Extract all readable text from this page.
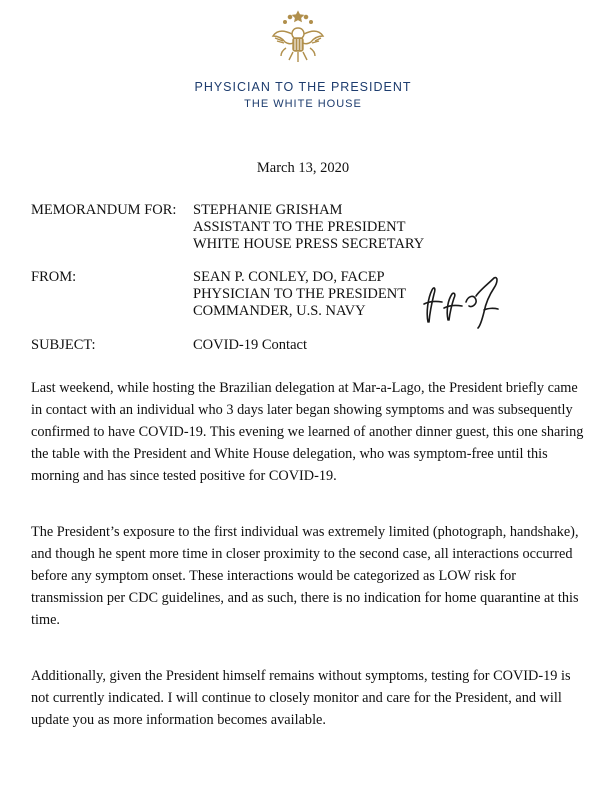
PHYSICIAN TO THE PRESIDENT
THE WHITE HOUSE
March 13, 2020
MEMORANDUM FOR: STEPHANIE GRISHAM
ASSISTANT TO THE PRESIDENT
WHITE HOUSE PRESS SECRETARY
FROM:	SEAN P. CONLEY, DO, FACEP
PHYSICIAN TO THE PRESIDENT
COMMANDER, U.S. NAVY
SUBJECT:	COVID-19 Contact
Last weekend, while hosting the Brazilian delegation at Mar-a-Lago, the President briefly came
in contact with an individual who 3 days later began showing symptoms and was subsequently
confirmed to have COVID-19. This evening we learned of another dinner guest, this one sharing
the table with the President and White House delegation, who was symptom-free until this
morning and has since tested positive for COVID-19.
The President’s exposure to the first individual was extremely limited (photograph, handshake),
and though he spent more time in closer proximity to the second case, all interactions occurred
before any symptom onset. These interactions would be categorized as LOW risk for
transmission per CDC guidelines, and as such, there is no indication for home quarantine at this
time.
Additionally, given the President himself remains without symptoms, testing for COVID-19 is
not currently indicated. I will continue to closely monitor and care for the President, and will
update you as more information becomes available.
